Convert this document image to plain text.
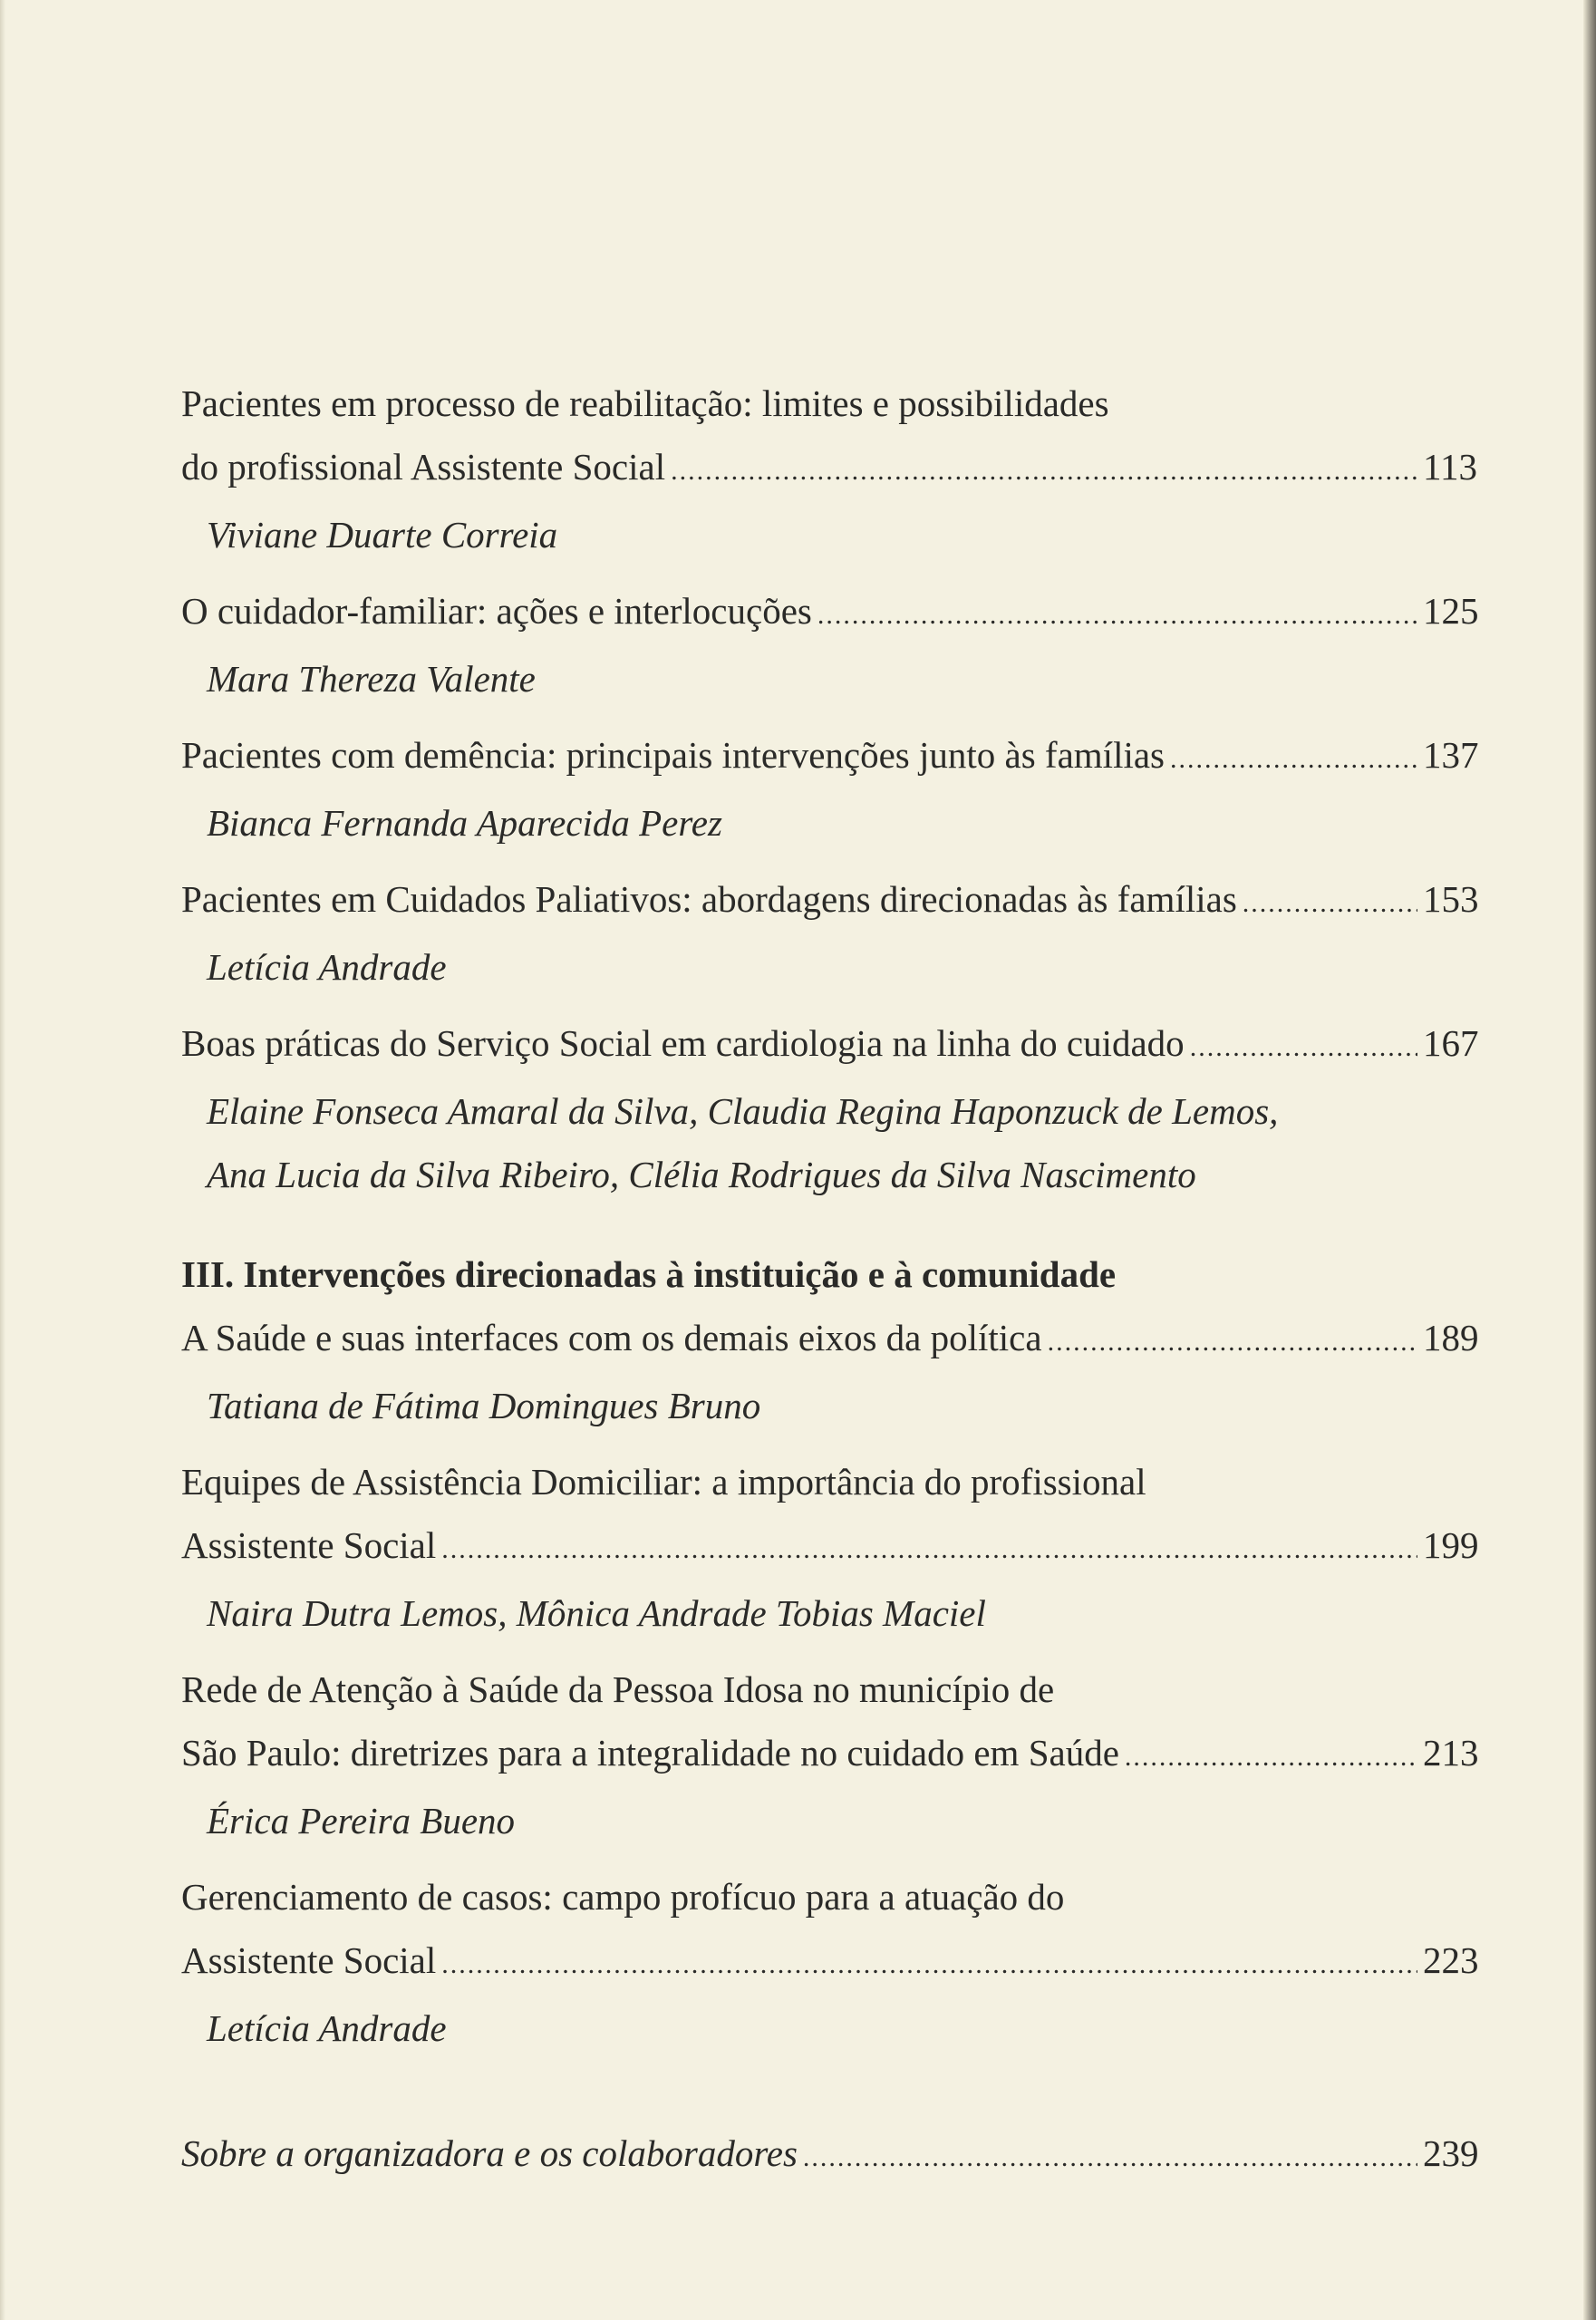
Pacientes em processo de reabilitação: limites e possibilidades
do profissional Assistente Social .....	113
Viviane Duarte Correia
O cuidador-familiar: ações e interlocuções .....	125
Mara Thereza Valente
Pacientes com demência: principais intervenções junto às famílias .....	137
Bianca Fernanda Aparecida Perez
Pacientes em Cuidados Paliativos: abordagens direcionadas às famílias .....	153
Letícia Andrade
Boas práticas do Serviço Social em cardiologia na linha do cuidado .....	167
Elaine Fonseca Amaral da Silva, Claudia Regina Haponzuck de Lemos,
Ana Lucia da Silva Ribeiro, Clélia Rodrigues da Silva Nascimento
III. Intervenções direcionadas à instituição e à comunidade
A Saúde e suas interfaces com os demais eixos da política .....	189
Tatiana de Fátima Domingues Bruno
Equipes de Assistência Domiciliar: a importância do profissional
Assistente Social .....	199
Naira Dutra Lemos, Mônica Andrade Tobias Maciel
Rede de Atenção à Saúde da Pessoa Idosa no município de
São Paulo: diretrizes para a integralidade no cuidado em Saúde .....	213
Érica Pereira Bueno
Gerenciamento de casos: campo profícuo para a atuação do
Assistente Social .....	223
Letícia Andrade
Sobre a organizadora e os colaboradores .....	239
